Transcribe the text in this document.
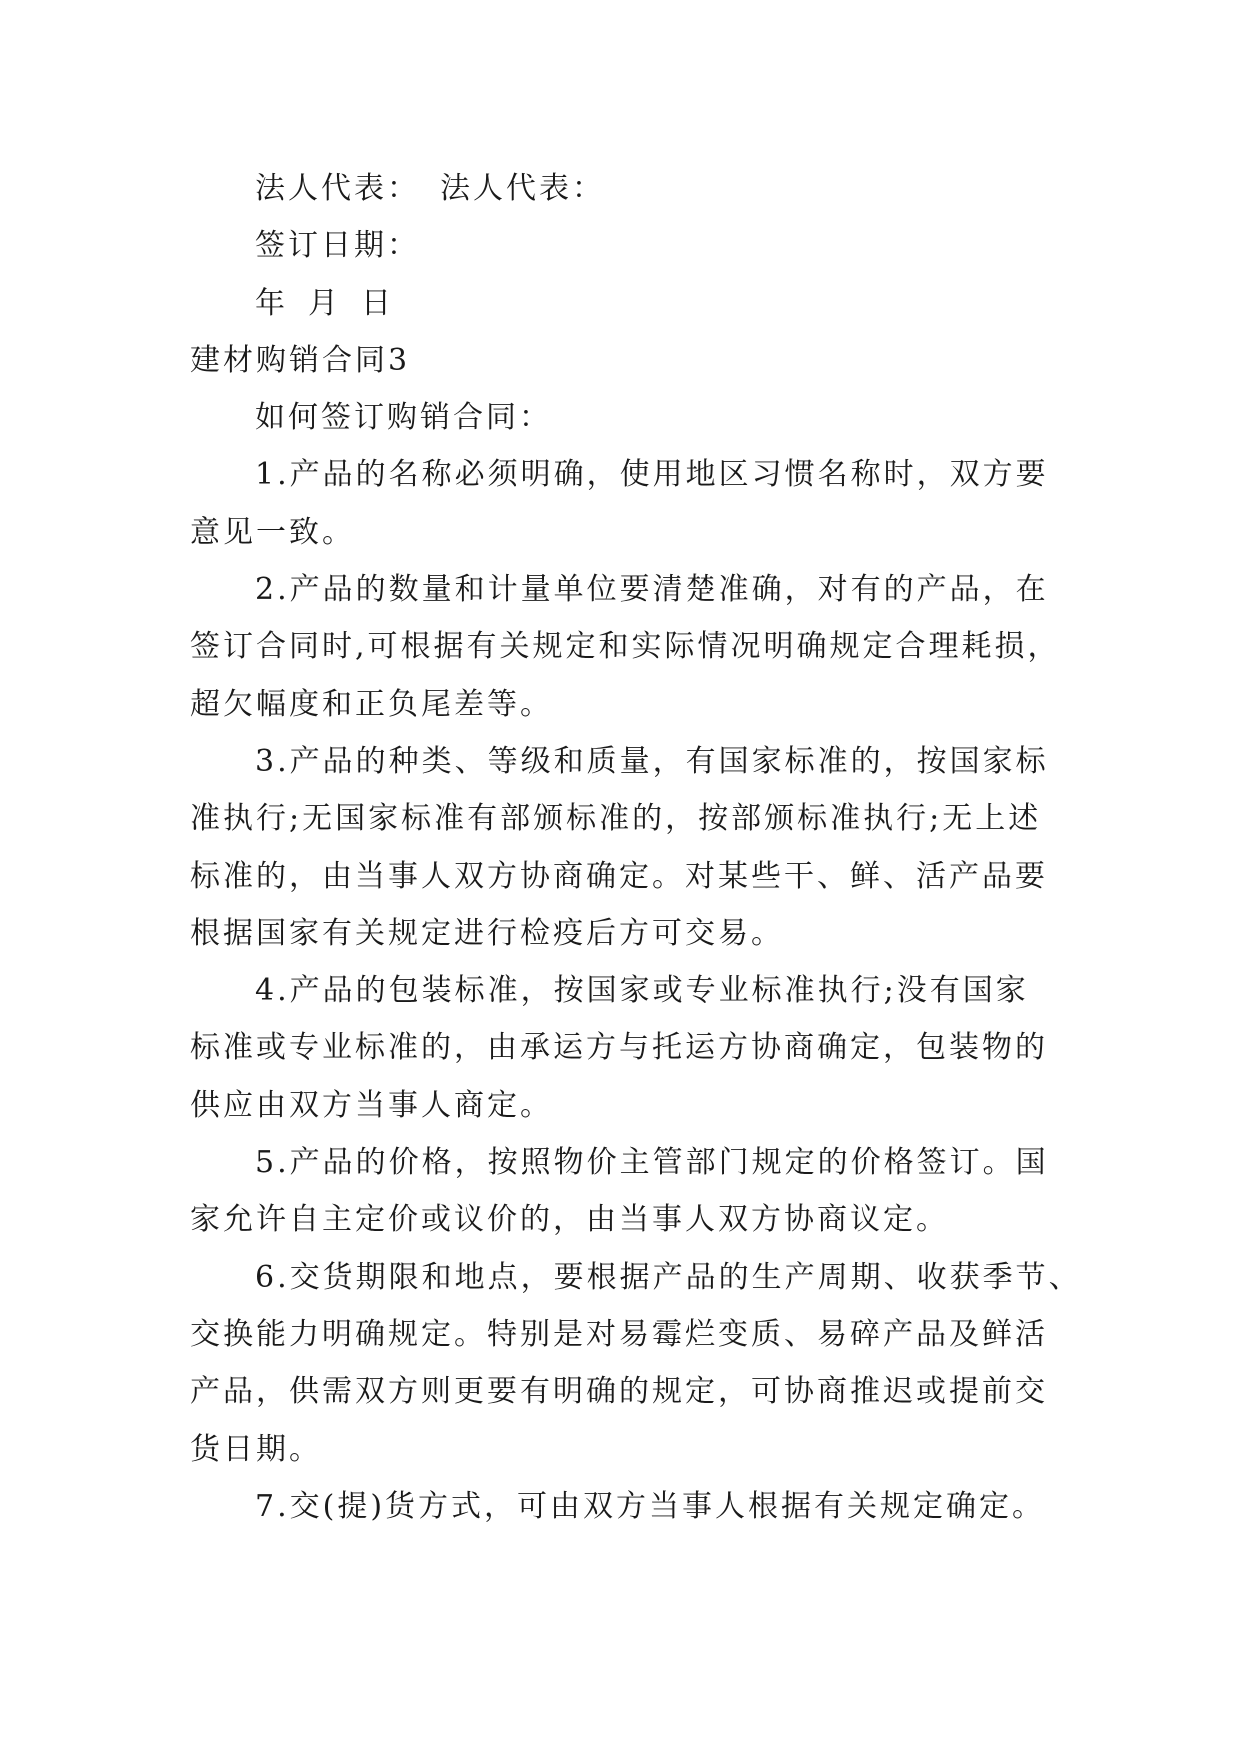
法人代表： 法人代表：
签订日期：
年 月 日
建材购销合同3
如何签订购销合同：
1.产品的名称必须明确，使用地区习惯名称时，双方要
意见一致。
2.产品的数量和计量单位要清楚准确，对有的产品，在
签订合同时,可根据有关规定和实际情况明确规定合理耗损，
超欠幅度和正负尾差等。
3.产品的种类、等级和质量，有国家标准的，按国家标
准执行;无国家标准有部颁标准的，按部颁标准执行;无上述
标准的，由当事人双方协商确定。对某些干、鲜、活产品要
根据国家有关规定进行检疫后方可交易。
4.产品的包装标准，按国家或专业标准执行;没有国家
标准或专业标准的，由承运方与托运方协商确定，包装物的
供应由双方当事人商定。
5.产品的价格，按照物价主管部门规定的价格签订。国
家允许自主定价或议价的，由当事人双方协商议定。
6.交货期限和地点，要根据产品的生产周期、收获季节、
交换能力明确规定。特别是对易霉烂变质、易碎产品及鲜活
产品，供需双方则更要有明确的规定，可协商推迟或提前交
货日期。
7.交(提)货方式，可由双方当事人根据有关规定确定。
